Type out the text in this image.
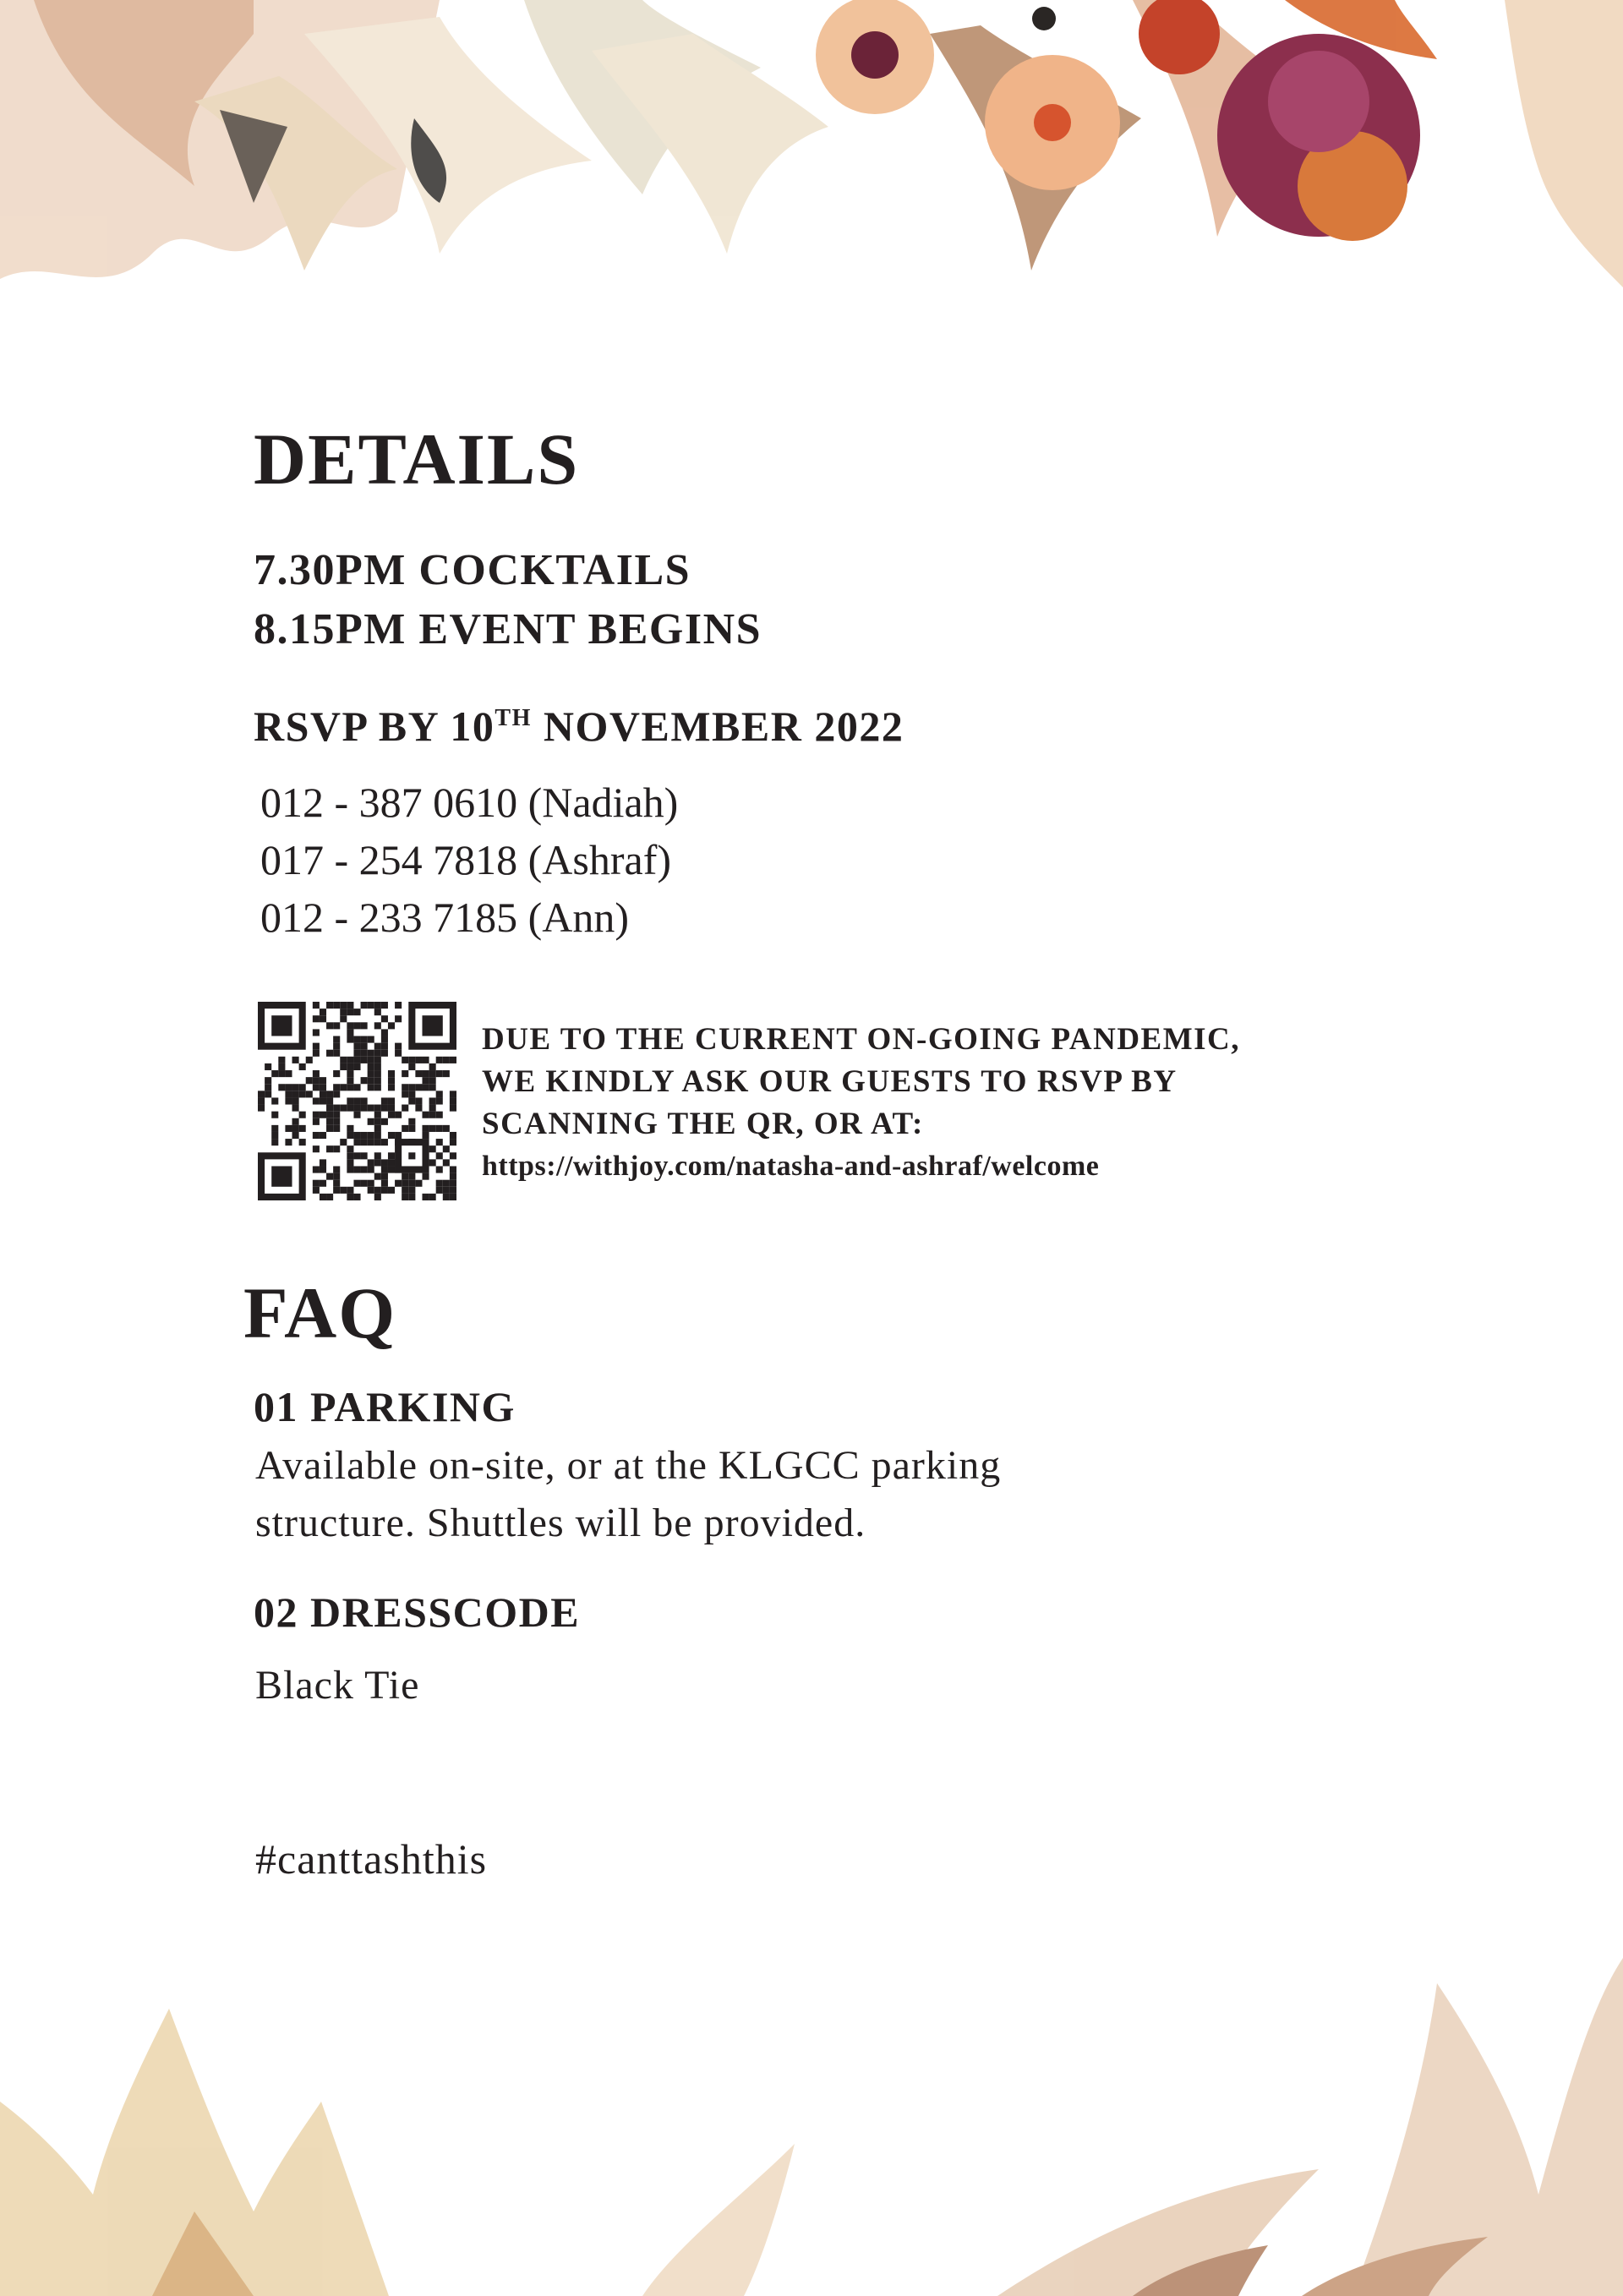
DETAILS
7.30PM COCKTAILS
8.15PM EVENT BEGINS
RSVP BY 10TH NOVEMBER 2022
012 - 387 0610 (Nadiah)
017 - 254 7818 (Ashraf)
012 - 233 7185 (Ann)
DUE TO THE CURRENT ON-GOING PANDEMIC,
WE KINDLY ASK OUR GUESTS TO RSVP BY
SCANNING THE QR, OR AT:
https://withjoy.com/natasha-and-ashraf/welcome
FAQ
01 PARKING
Available on-site, or at the KLGCC parking
structure. Shuttles will be provided.
02 DRESSCODE
Black Tie
#canttashthis
